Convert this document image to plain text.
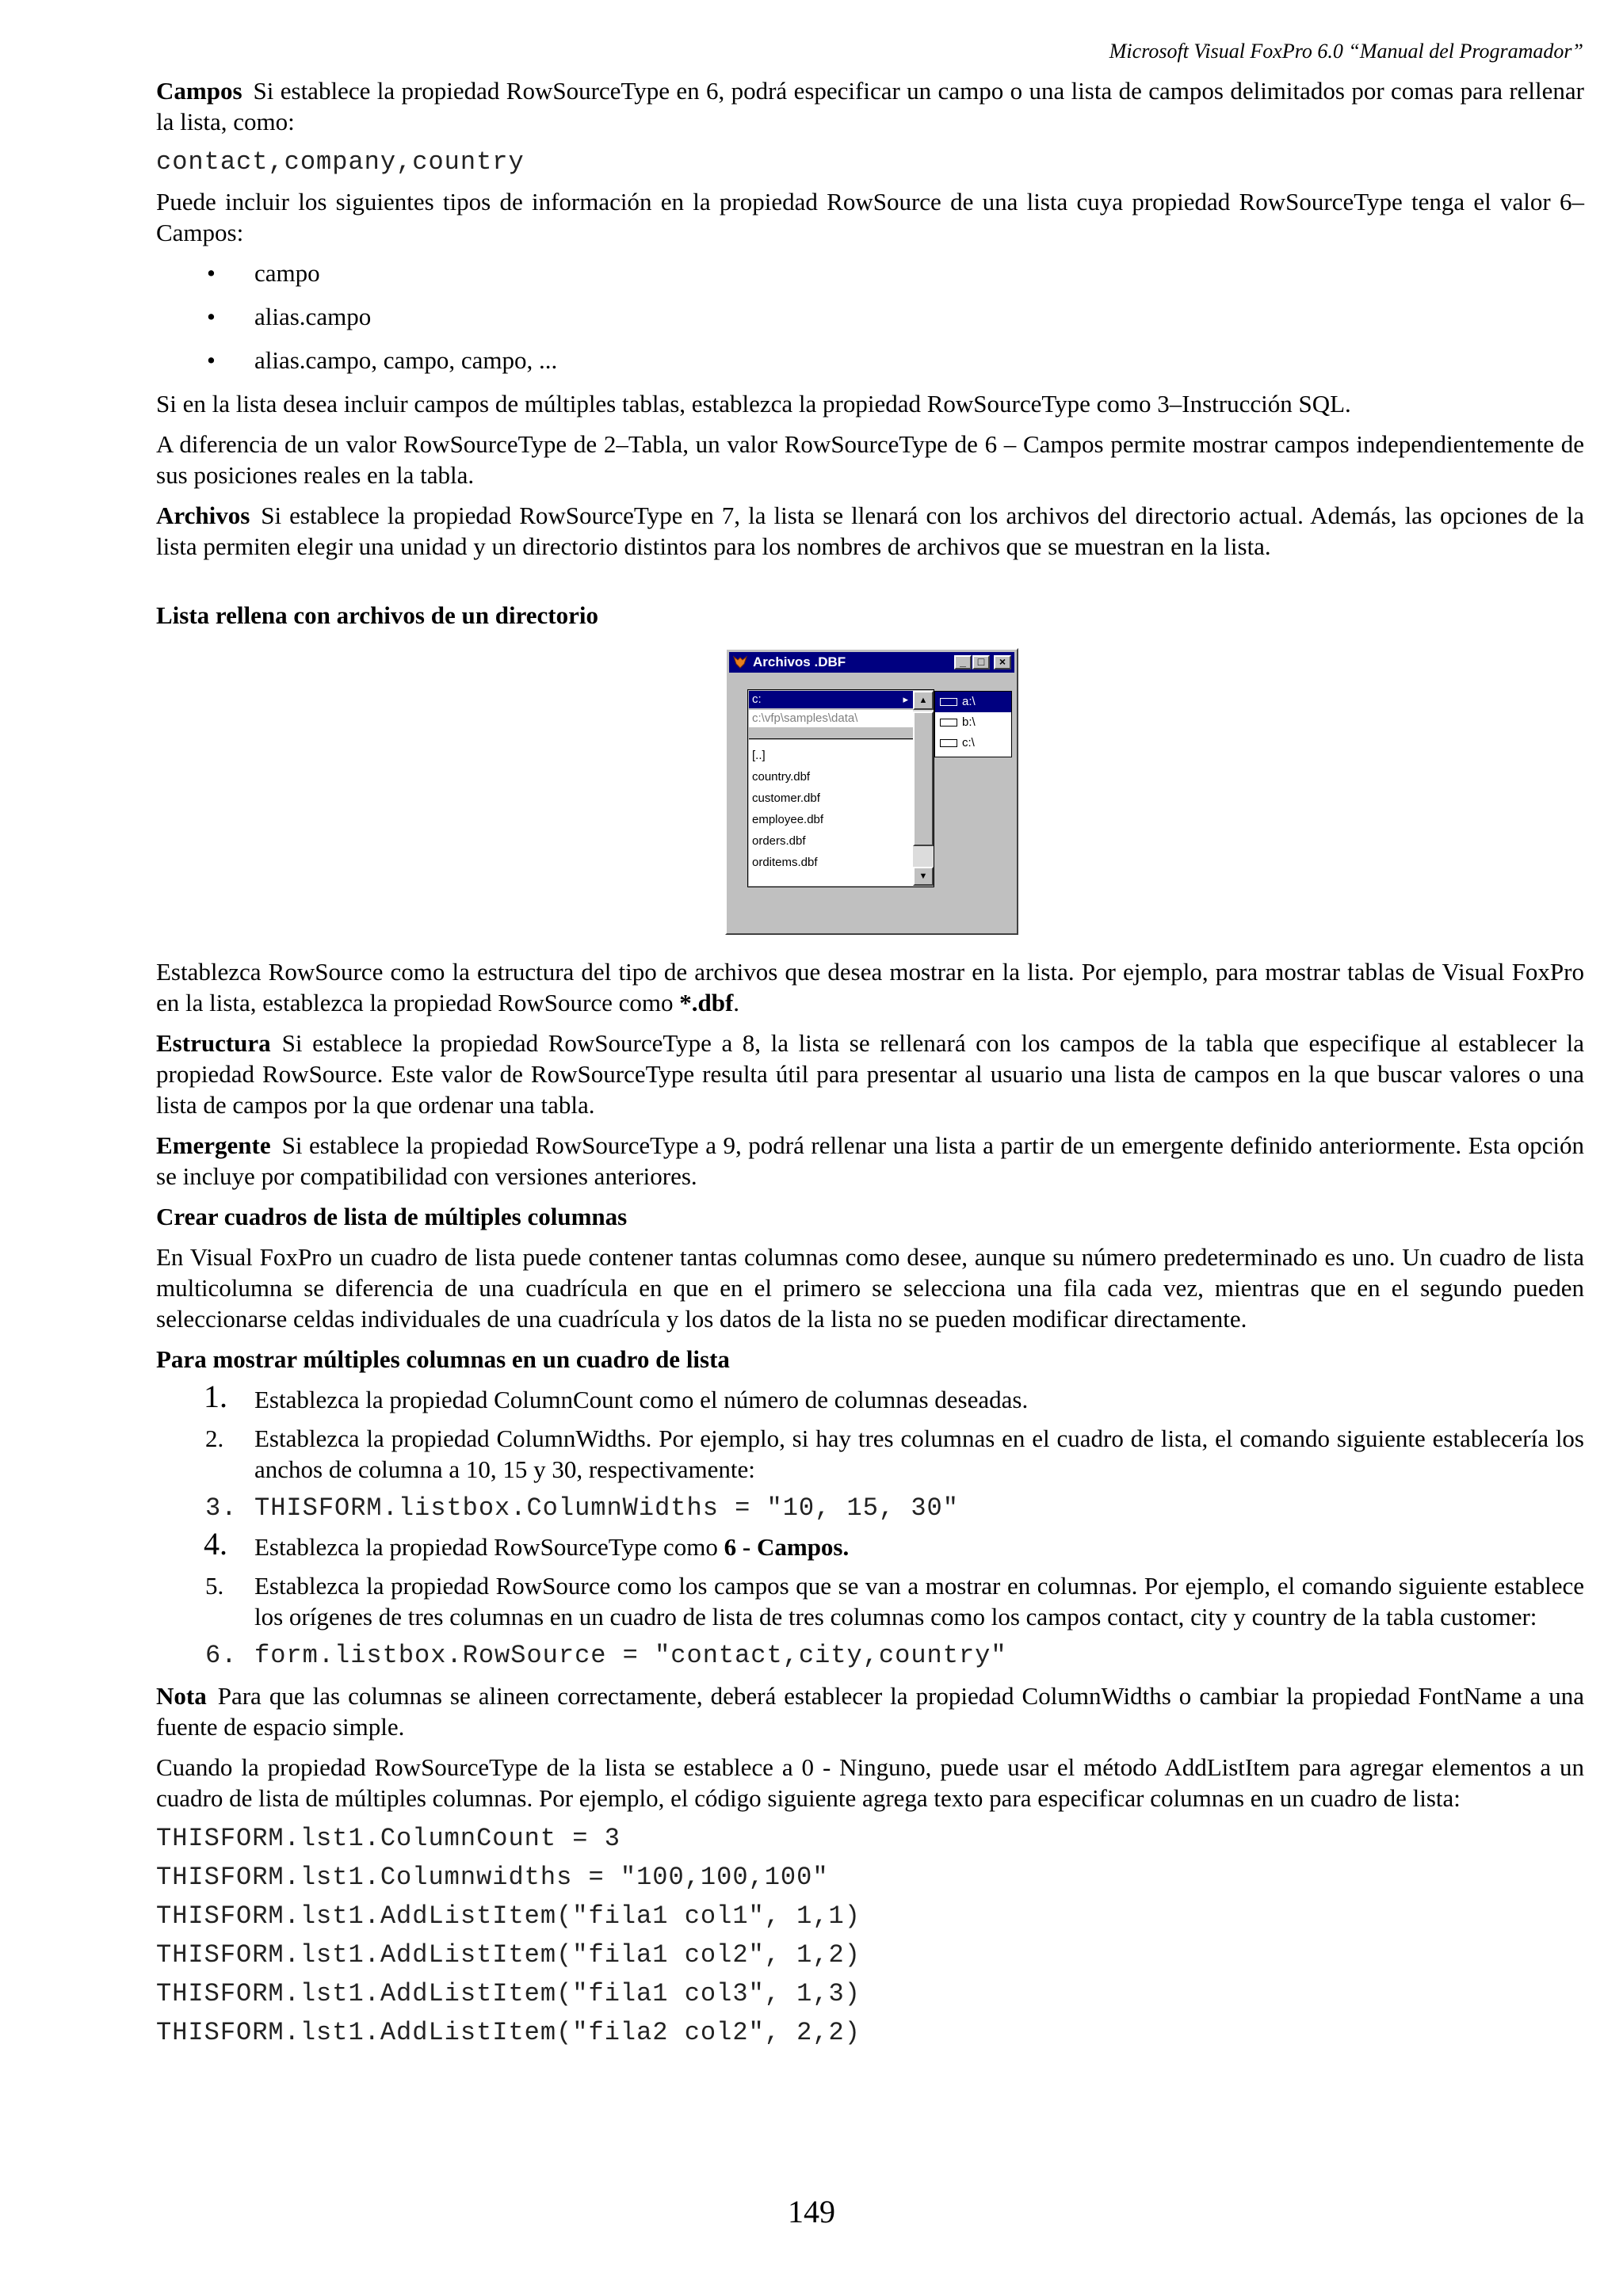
Microsoft Visual FoxPro 6.0 “Manual del Programador”

Campos Si establece la propiedad RowSourceType en 6, podrá especificar un campo o una lista de campos delimitados por comas para rellenar la lista, como:

contact,company,country

Puede incluir los siguientes tipos de información en la propiedad RowSource de una lista cuya propiedad RowSourceType tenga el valor 6–Campos:

• campo
• alias.campo
• alias.campo, campo, campo, ...

Si en la lista desea incluir campos de múltiples tablas, establezca la propiedad RowSourceType como 3–Instrucción SQL.

A diferencia de un valor RowSourceType de 2–Tabla, un valor RowSourceType de 6 – Campos permite mostrar campos independientemente de sus posiciones reales en la tabla.

Archivos Si establece la propiedad RowSourceType en 7, la lista se llenará con los archivos del directorio actual. Además, las opciones de la lista permiten elegir una unidad y un directorio distintos para los nombres de archivos que se muestran en la lista.

Lista rellena con archivos de un directorio
Archivos .DBF	_	□	×
c:	▸
c:\vfp\samples\data\
[..]
country.dbf
customer.dbf
employee.dbf
orders.dbf
orditems.dbf
▲
▼
a:\
b:\
c:\

Establezca RowSource como la estructura del tipo de archivos que desea mostrar en la lista. Por ejemplo, para mostrar tablas de Visual FoxPro en la lista, establezca la propiedad RowSource como *.dbf.

Estructura Si establece la propiedad RowSourceType a 8, la lista se rellenará con los campos de la tabla que especifique al establecer la propiedad RowSource. Este valor de RowSourceType resulta útil para presentar al usuario una lista de campos en la que buscar valores o una lista de campos por la que ordenar una tabla.

Emergente Si establece la propiedad RowSourceType a 9, podrá rellenar una lista a partir de un emergente definido anteriormente. Esta opción se incluye por compatibilidad con versiones anteriores.

Crear cuadros de lista de múltiples columnas

En Visual FoxPro un cuadro de lista puede contener tantas columnas como desee, aunque su número predeterminado es uno. Un cuadro de lista multicolumna se diferencia de una cuadrícula en que en el primero se selecciona una fila cada vez, mientras que en el segundo pueden seleccionarse celdas individuales de una cuadrícula y los datos de la lista no se pueden modificar directamente.

Para mostrar múltiples columnas en un cuadro de lista
1. Establezca la propiedad ColumnCount como el número de columnas deseadas.
2. Establezca la propiedad ColumnWidths. Por ejemplo, si hay tres columnas en el cuadro de lista, el comando siguiente establecería los anchos de columna a 10, 15 y 30, respectivamente:
3. THISFORM.listbox.ColumnWidths = "10, 15, 30"
4. Establezca la propiedad RowSourceType como 6 - Campos.
5. Establezca la propiedad RowSource como los campos que se van a mostrar en columnas. Por ejemplo, el comando siguiente establece los orígenes de tres columnas en un cuadro de lista de tres columnas como los campos contact, city y country de la tabla customer:
6. form.listbox.RowSource = "contact,city,country"

Nota Para que las columnas se alineen correctamente, deberá establecer la propiedad ColumnWidths o cambiar la propiedad FontName a una fuente de espacio simple.

Cuando la propiedad RowSourceType de la lista se establece a 0 - Ninguno, puede usar el método AddListItem para agregar elementos a un cuadro de lista de múltiples columnas. Por ejemplo, el código siguiente agrega texto para especificar columnas en un cuadro de lista:

THISFORM.lst1.ColumnCount = 3
THISFORM.lst1.Columnwidths = "100,100,100"
THISFORM.lst1.AddListItem("fila1 col1", 1,1)
THISFORM.lst1.AddListItem("fila1 col2", 1,2)
THISFORM.lst1.AddListItem("fila1 col3", 1,3)
THISFORM.lst1.AddListItem("fila2 col2", 2,2)
149
